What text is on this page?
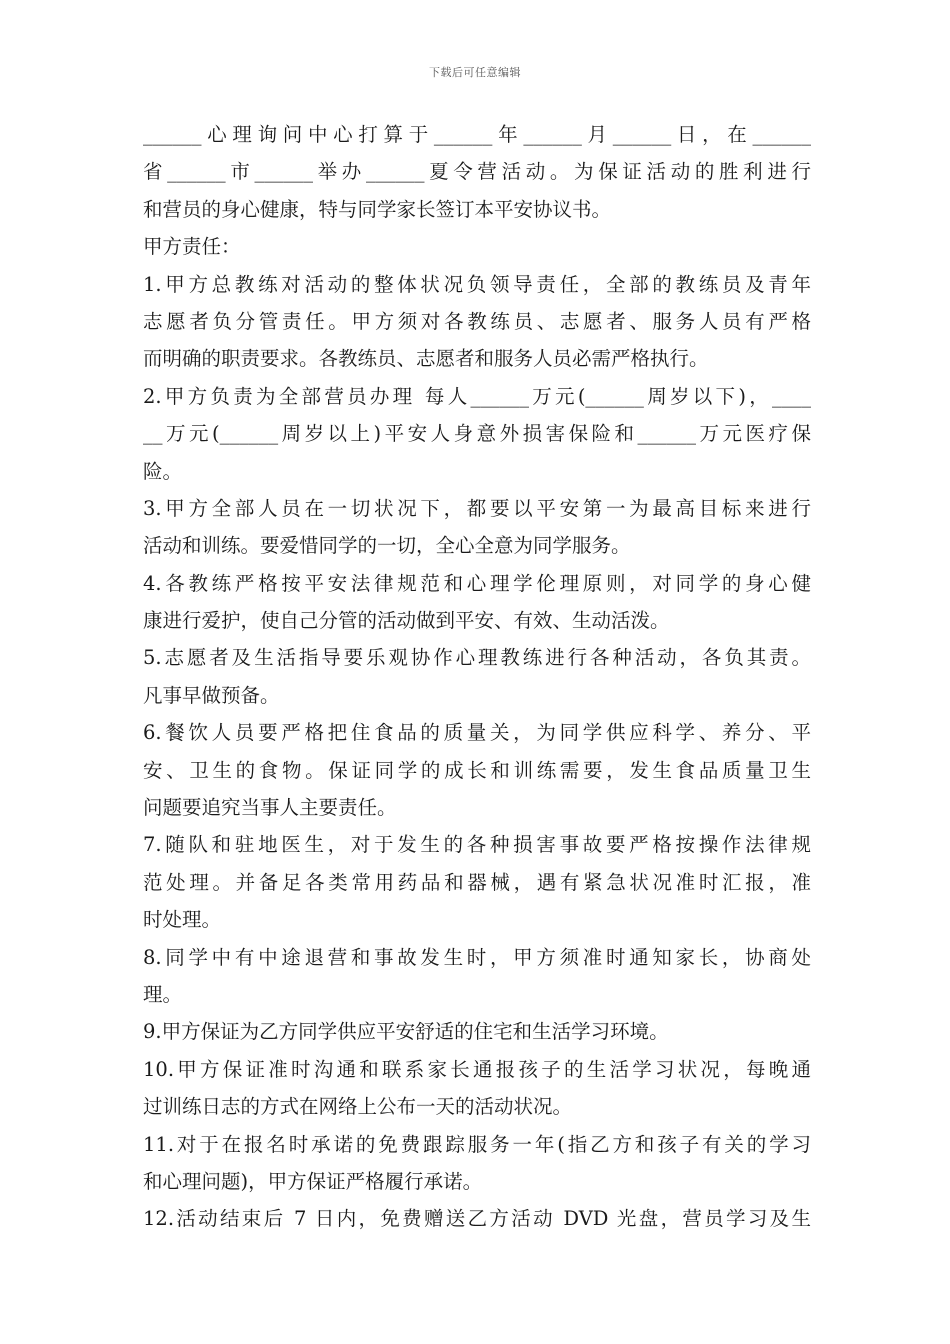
下载后可任意编辑
______心理询问中心打算于______年______月______日，在______
省______市______举办______夏令营活动。为保证活动的胜利进行
和营员的身心健康，特与同学家长签订本平安协议书。
甲方责任：
1.甲方总教练对活动的整体状况负领导责任，全部的教练员及青年
志愿者负分管责任。甲方须对各教练员、志愿者、服务人员有严格
而明确的职责要求。各教练员、志愿者和服务人员必需严格执行。
2.甲方负责为全部营员办理 每人______万元(______周岁以下)，____
__万元(______周岁以上)平安人身意外损害保险和______万元医疗保
险。
3.甲方全部人员在一切状况下，都要以平安第一为最高目标来进行
活动和训练。要爱惜同学的一切，全心全意为同学服务。
4.各教练严格按平安法律规范和心理学伦理原则，对同学的身心健
康进行爱护，使自己分管的活动做到平安、有效、生动活泼。
5.志愿者及生活指导要乐观协作心理教练进行各种活动，各负其责。
凡事早做预备。
6.餐饮人员要严格把住食品的质量关，为同学供应科学、养分、平
安、卫生的食物。保证同学的成长和训练需要，发生食品质量卫生
问题要追究当事人主要责任。
7.随队和驻地医生，对于发生的各种损害事故要严格按操作法律规
范处理。并备足各类常用药品和器械，遇有紧急状况准时汇报，准
时处理。
8.同学中有中途退营和事故发生时，甲方须准时通知家长，协商处
理。
9.甲方保证为乙方同学供应平安舒适的住宅和生活学习环境。
10.甲方保证准时沟通和联系家长通报孩子的生活学习状况，每晚通
过训练日志的方式在网络上公布一天的活动状况。
11.对于在报名时承诺的免费跟踪服务一年(指乙方和孩子有关的学习
和心理问题)，甲方保证严格履行承诺。
12.活动结束后 7 日内，免费赠送乙方活动 DVD 光盘，营员学习及生
